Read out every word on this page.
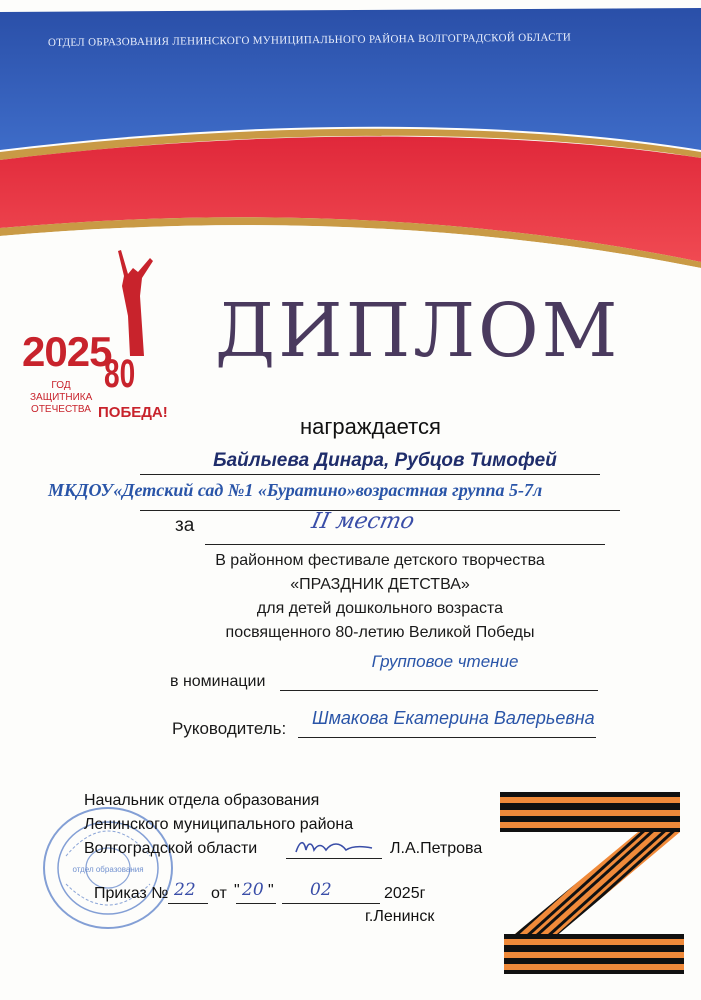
ОТДЕЛ ОБРАЗОВАНИЯ ЛЕНИНСКОГО МУНИЦИПАЛЬНОГО РАЙОНА ВОЛГОГРАДСКОЙ ОБЛАСТИ
2025
ГОД ЗАЩИТНИКА
ОТЕЧЕСТВА
80
ПОБЕДА!
ДИПЛОМ
награждается
Байлыева Динара, Рубцов Тимофей
МКДОУ«Детский сад №1 «Буратино»возрастная группа 5-7л
за	II место
В районном фестивале детского творчества
«ПРАЗДНИК ДЕТСТВА»
для детей дошкольного возраста
посвященного 80-летию Великой Победы
Групповое чтение
в номинации
Руководитель:
Шмакова Екатерина Валерьевна
отдел образования
Начальник отдела образования
Ленинского муниципального района
Волгоградской области	Л.А.Петрова
Приказ № 22 от " 20 " 02	2025г
г.Ленинск
